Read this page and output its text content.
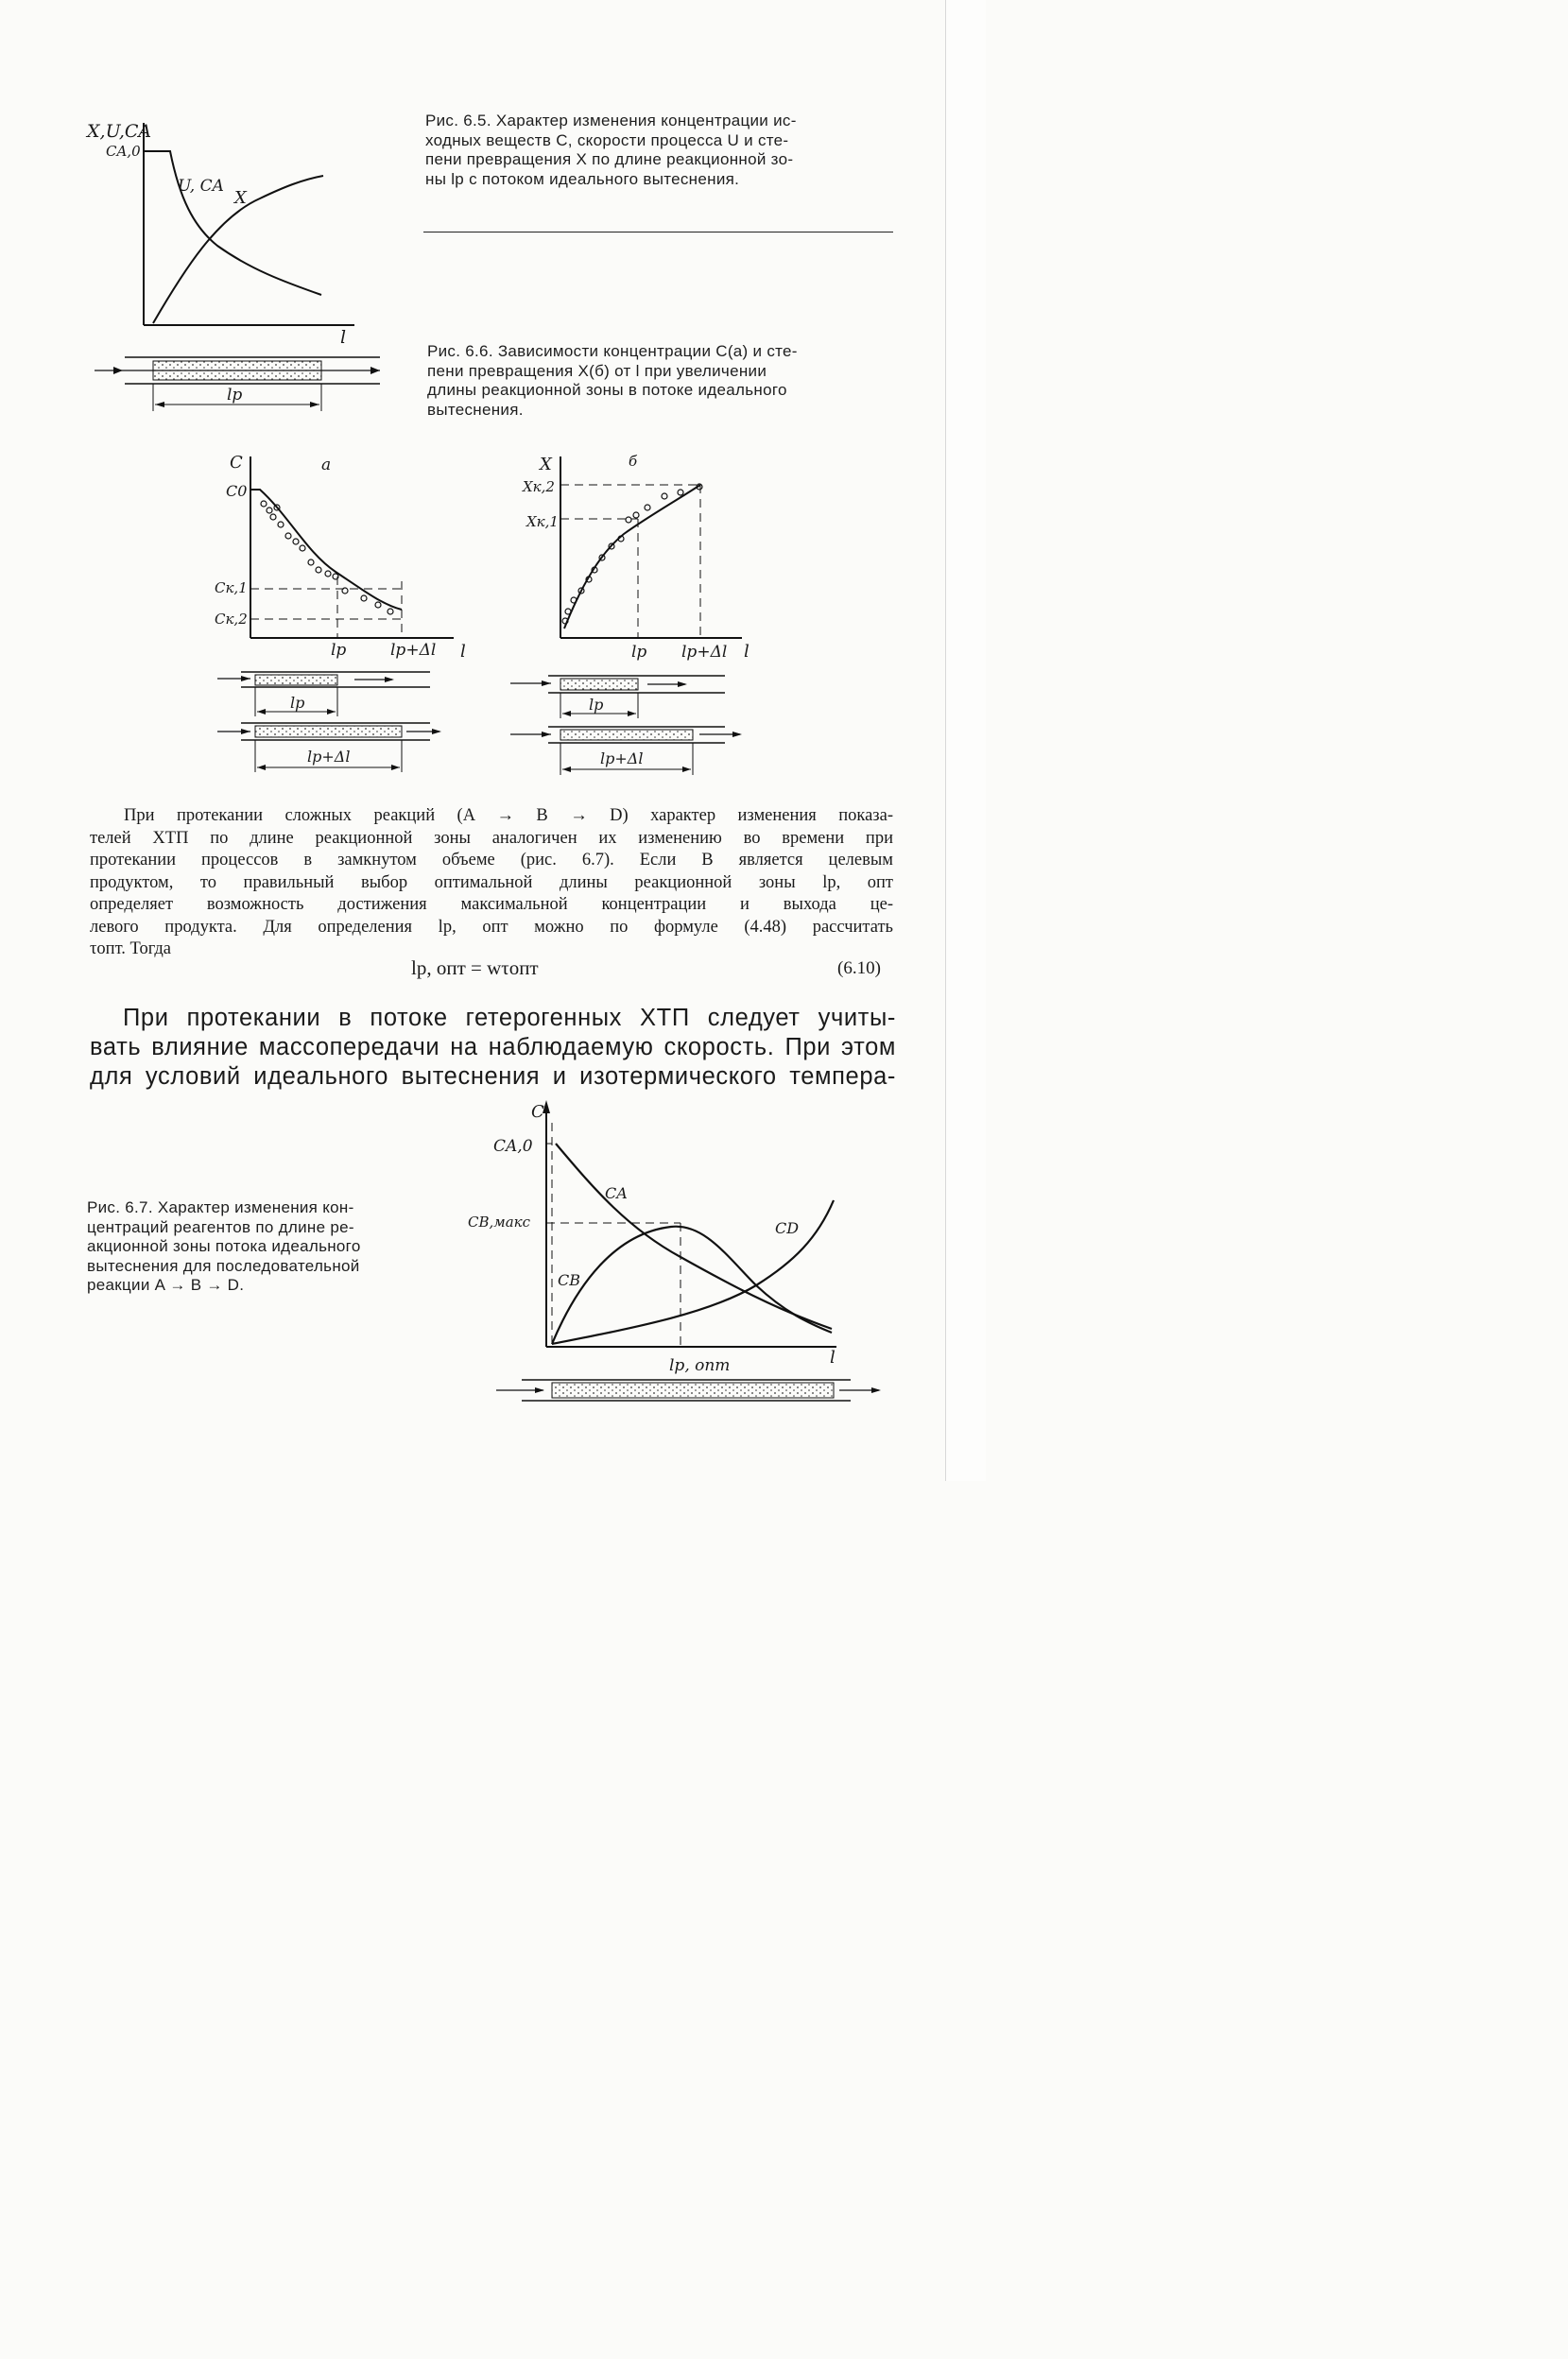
X,U,CA
CA,0
l
U, CA
X
lр
Рис. 6.5. Характер изменения концентрации ис-
ходных веществ C, скорости процесса U и сте-
пени превращения X по длине реакционной зо-
ны lр с потоком идеального вытеснения.
Рис. 6.6. Зависимости концентрации C(a) и сте-
пени превращения X(б) от l при увеличении
длины реакционной зоны в потоке идеального
вытеснения.
C	a
C0
Cк,1
Cк,2
lр	lр+Δl l
lр
lр+Δl
X	б
Xк,2
Xк,1
lр lр+Δl l
lр
lр+Δl
При протекании сложных реакций (A → B → D) характер изменения показа-
телей ХТП по длине реакционной зоны аналогичен их изменению во времени при
протекании процессов в замкнутом объеме (рис. 6.7). Если B является целевым
продуктом, то правильный выбор оптимальной длины реакционной зоны lр, опт
определяет возможность достижения максимальной концентрации и выхода це-
левого продукта. Для определения lр, опт можно по формуле (4.48) рассчитать
τопт. Тогда
lр, опт = wτопт	(6.10)
При протекании в потоке гетерогенных ХТП следует учиты-
вать влияние массопередачи на наблюдаемую скорость. При этом
для условий идеального вытеснения и изотермического темпера-
Рис. 6.7. Характер изменения кон-
центраций реагентов по длине ре-
акционной зоны потока идеального
вытеснения для последовательной
реакции A → B → D.
C
CA,0
CB,макс
l
lр, опт
CA
CB
CD
